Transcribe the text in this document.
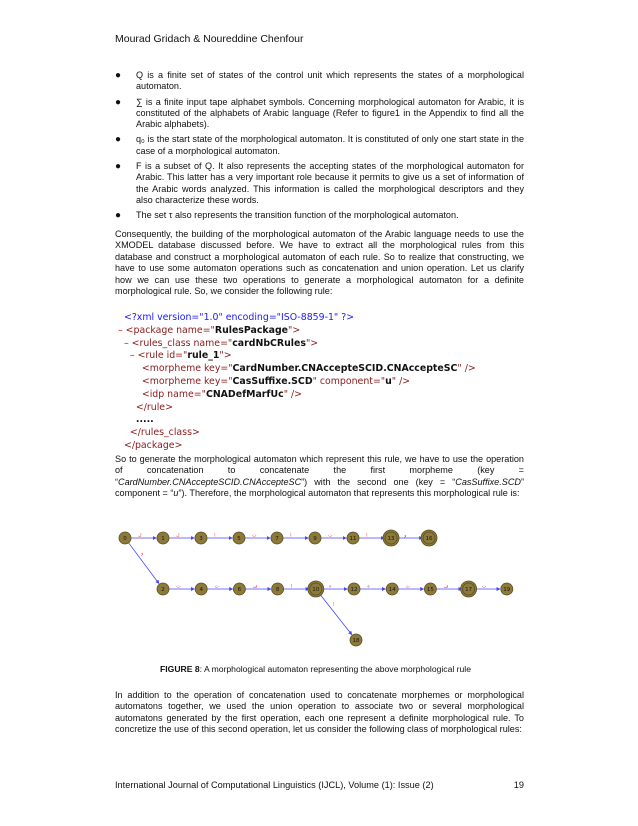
Mourad Gridach & Noureddine Chenfour
● Q is a finite set of states of the control unit which represents the states of a morphological automaton.
● ∑ is a finite input tape alphabet symbols. Concerning morphological automaton for Arabic, it is constituted of the alphabets of Arabic language (Refer to figure1 in the Appendix to find all the Arabic alphabets).
● q₀ is the start state of the morphological automaton. It is constituted of only one start state in the case of a morphological automaton.
● F is a subset of Q. It also represents the accepting states of the morphological automaton for Arabic. This latter has a very important role because it permits to give us a set of information of the Arabic words analyzed. This information is called the morphological descriptors and they also characterize these words.
● The set τ also represents the transition function of the morphological automaton.

Consequently, the building of the morphological automaton of the Arabic language needs to use the XMODEL database discussed before. We have to extract all the morphological rules from this database and construct a morphological automaton of each rule. So to realize that constructing, we have to use some automaton operations such as concatenation and union operation. Let us clarify how we can use these two operations to generate a morphological automaton for a definite morphological rule. So, we consider the following rule:

<?xml version="1.0" encoding="ISO-8859-1" ?>
– <package name="RulesPackage">
– <rules_class name="cardNbCRules">
– <rule id="rule_1">
<morpheme key="CardNumber.CNAccepteSCID.CNAccepteSC" />
<morpheme key="CasSuffixe.SCD" component="u" />
<idp name="CNADefMarfUc" />
</rule>
.....
</rules_class>
</package>

So to generate the morphological automaton which represent this rule, we have to use the operation of concatenation to concatenate the first morpheme (key = “CardNumber.CNAccepteSCID.CNAccepteSC”) with the second one (key = “CasSuffixe.SCD” component = “u”). Therefore, the morphological automaton that represents this morphological rule is:

ل	ل	ا	ث	ا	ث	ا	و
و
ث	ث	ف	ا	ة	ة	ث	ف	ت
ا
0	1
2
3
4
5
6
7
8
9
10
11
12
13
14	15
16
17
18
19
FIGURE 8: A morphological automaton representing the above morphological rule

In addition to the operation of concatenation used to concatenate morphemes or morphological automatons together, we used the union operation to associate two or several morphological automatons generated by the first operation, each one represent a definite morphological rule. To concretize the use of this second operation, let us consider the following class of morphological rules:

International Journal of Computational Linguistics (IJCL), Volume (1): Issue (2)	19
